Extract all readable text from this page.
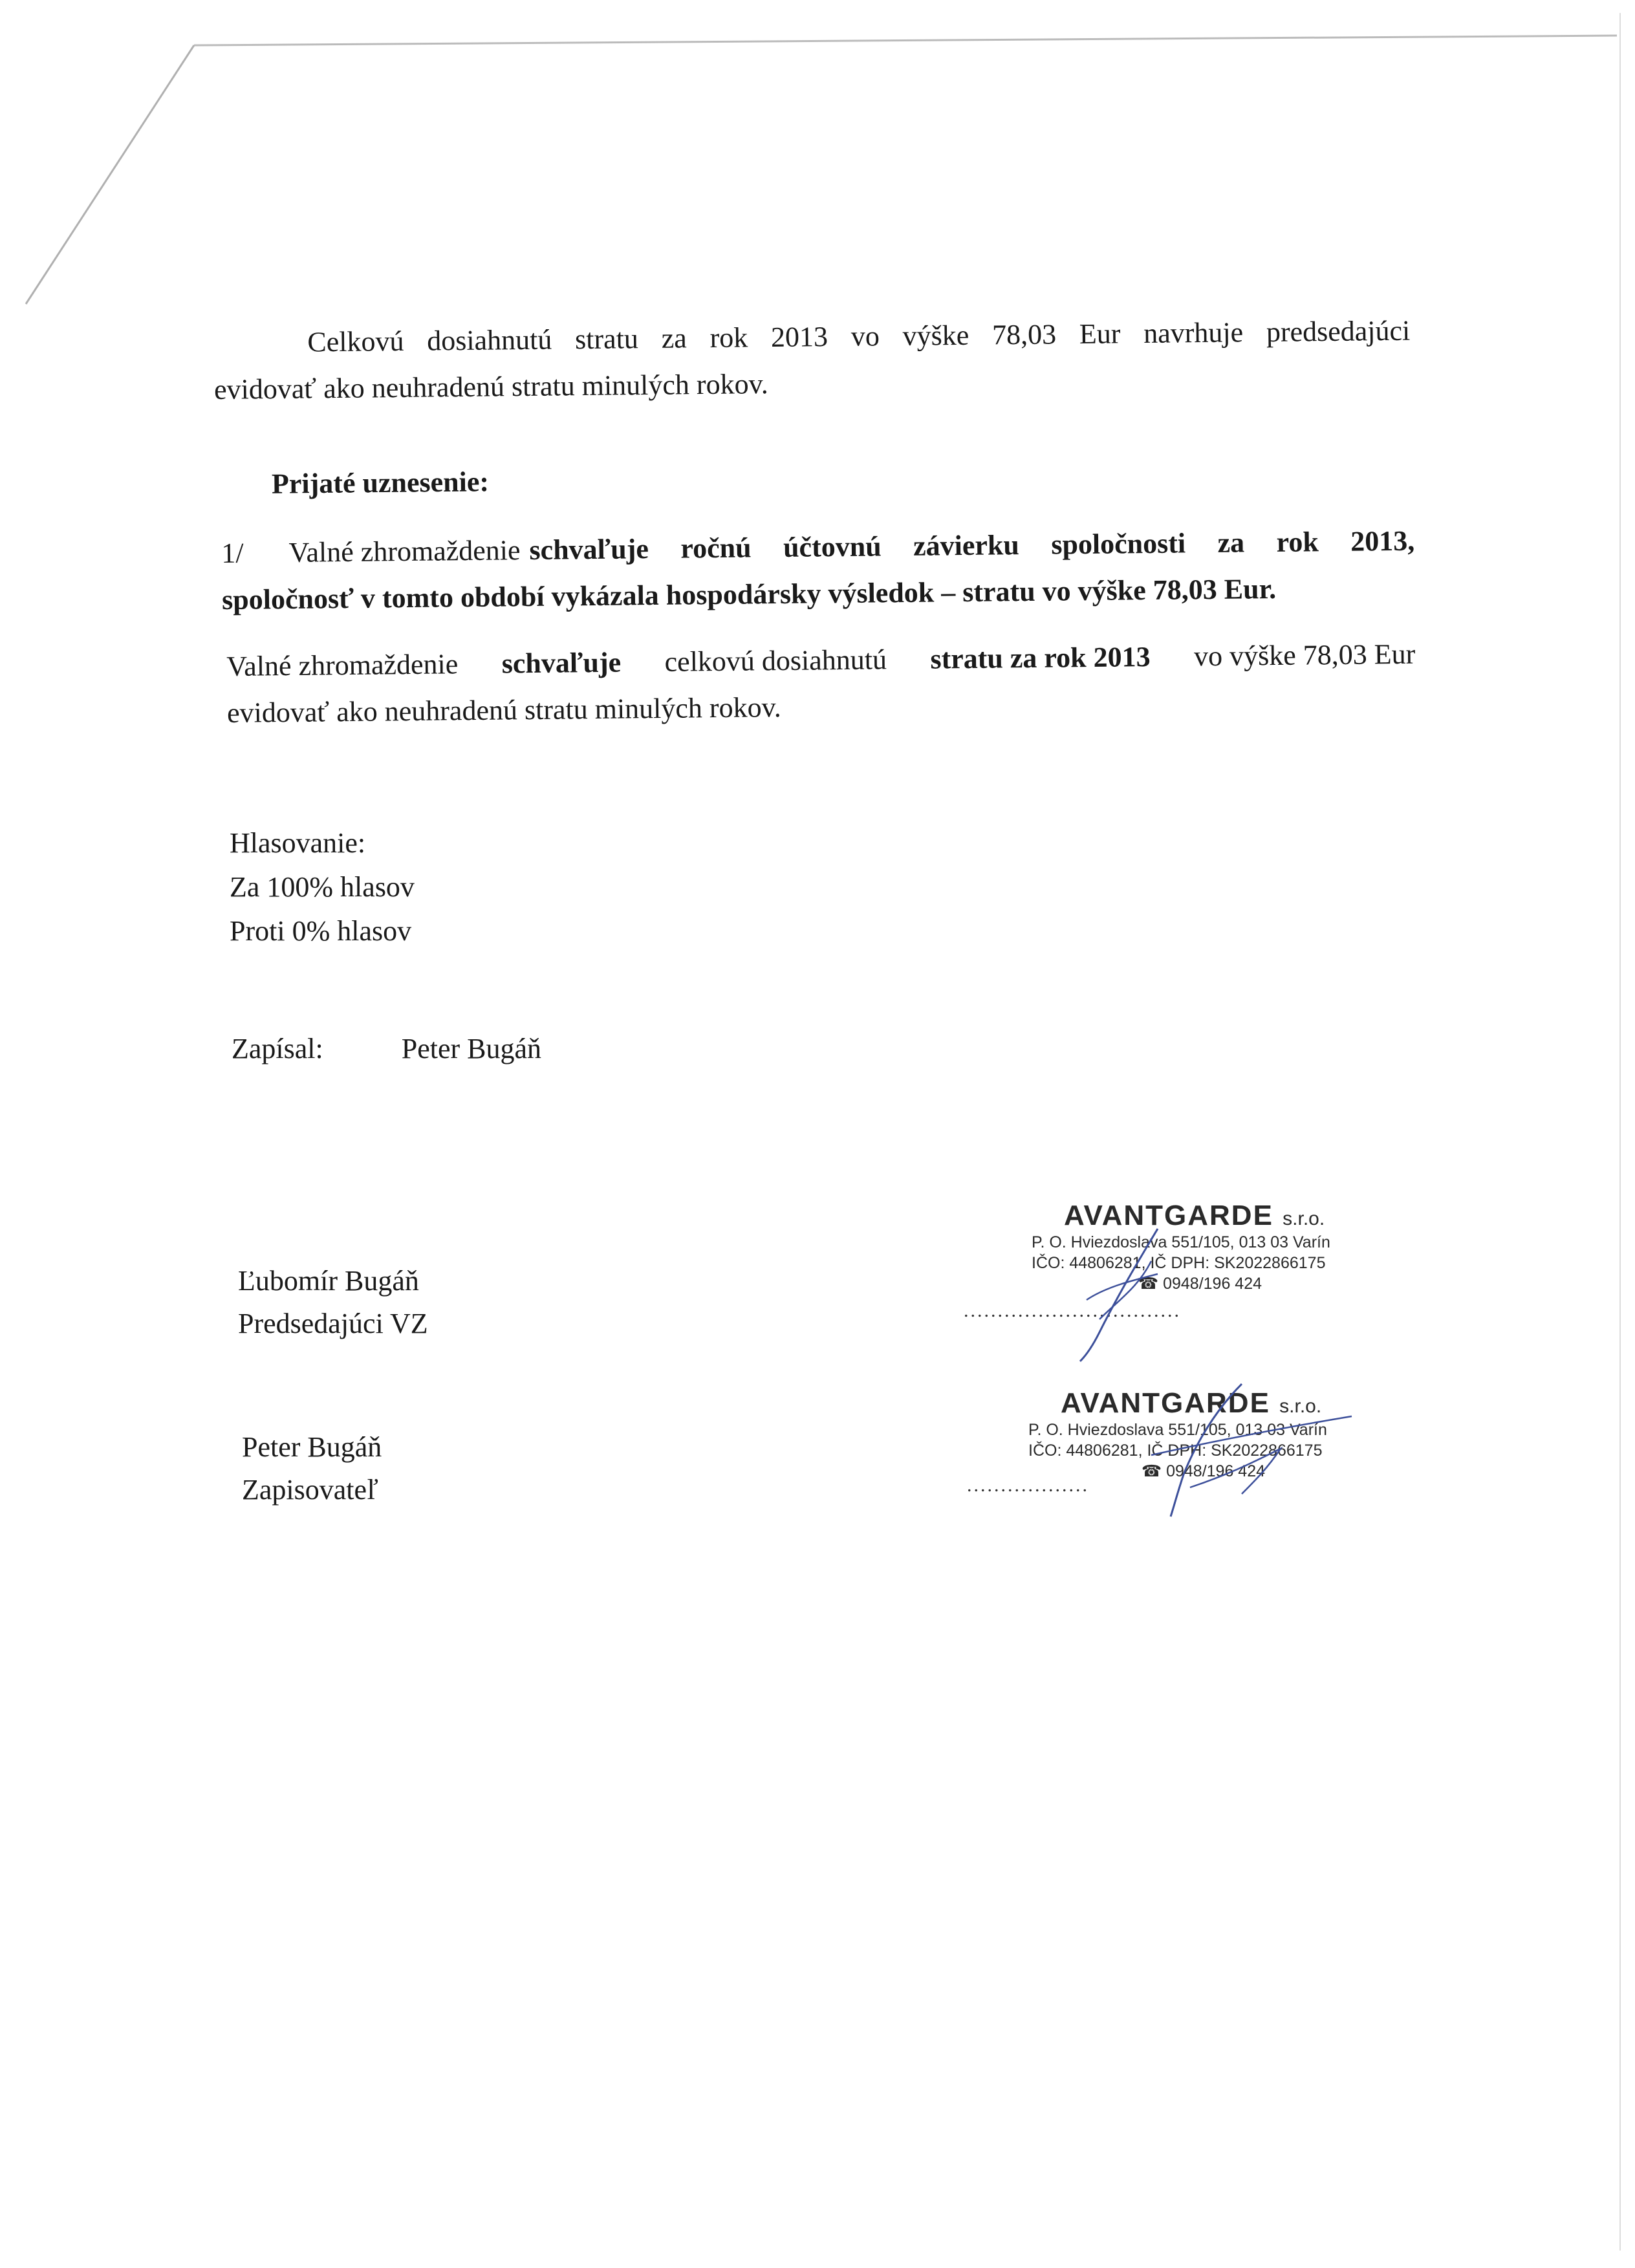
Celkovú dosiahnutú stratu za rok 2013 vo výške 78,03 Eur navrhuje predsedajúci
evidovať ako neuhradenú stratu minulých rokov.
Prijaté uznesenie:
1/ Valné zhromaždenie schvaľuje ročnú účtovnú závierku spoločnosti za rok 2013,
spoločnosť v tomto období vykázala hospodársky výsledok – stratu vo výške 78,03 Eur.
Valné zhromaždenie schvaľuje celkovú dosiahnutú stratu za rok 2013 vo výške 78,03 Eur
evidovať ako neuhradenú stratu minulých rokov.
Hlasovanie:
Za 100% hlasov
Proti 0% hlasov
Zapísal:	Peter Bugáň
Ľubomír Bugáň
Predsedajúci VZ
AVANTGARDE s.r.o.
P. O. Hviezdoslava 551/105, 013 03 Varín
IČO: 44806281, IČ DPH: SK2022866175
☎ 0948/196 424
................................
Peter Bugáň
Zapisovateľ
AVANTGARDE s.r.o.
P. O. Hviezdoslava 551/105, 013 03 Varín
IČO: 44806281, IČ DPH: SK2022866175
☎ 0948/196 424
..................
